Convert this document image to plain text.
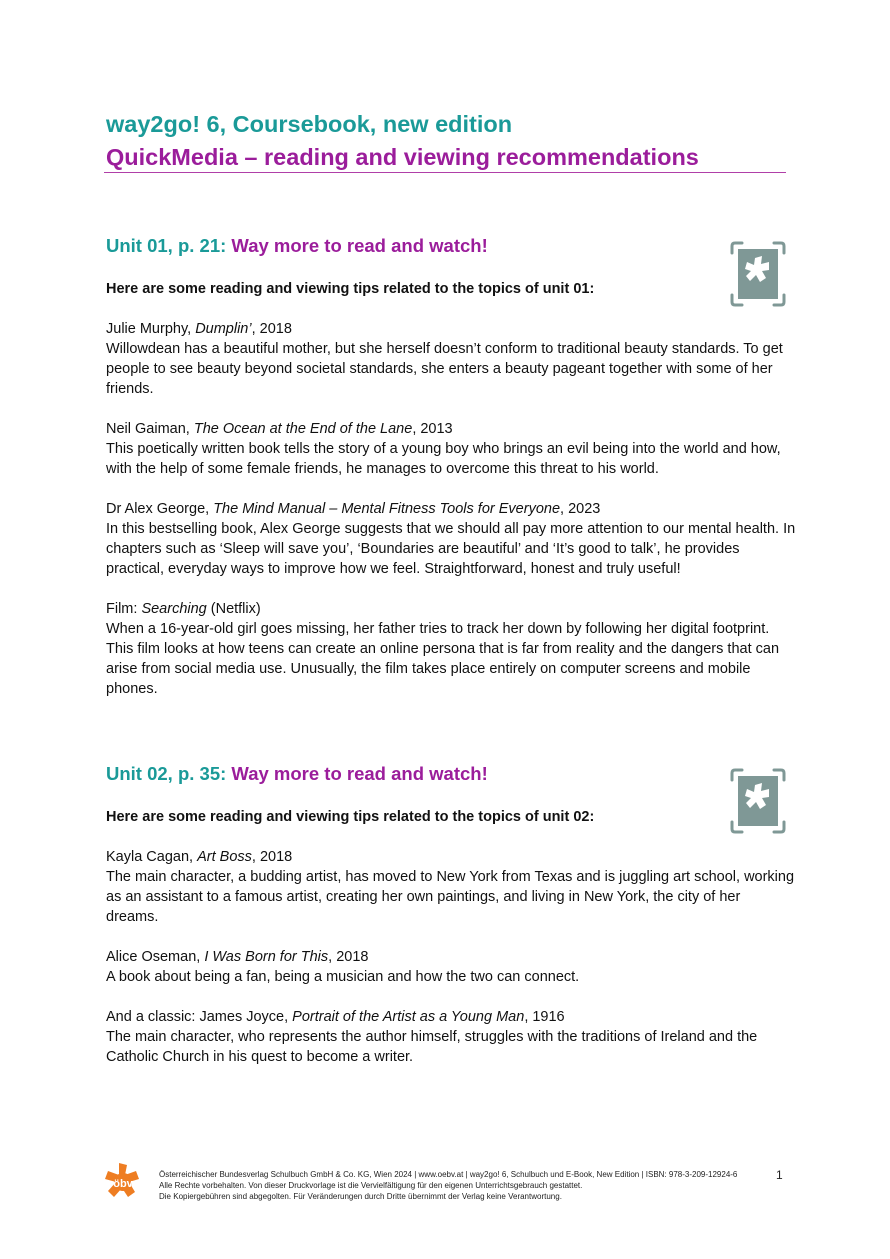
way2go! 6, Coursebook, new edition
QuickMedia – reading and viewing recommendations
Unit 01, p. 21: Way more to read and watch!

Here are some reading and viewing tips related to the topics of unit 01:

Julie Murphy, Dumplin’, 2018

Willowdean has a beautiful mother, but she herself doesn’t conform to traditional beauty standards. To get people to see beauty beyond societal standards, she enters a beauty pageant together with some of her friends.

Neil Gaiman, The Ocean at the End of the Lane, 2013

This poetically written book tells the story of a young boy who brings an evil being into the world and how, with the help of some female friends, he manages to overcome this threat to his world.

Dr Alex George, The Mind Manual – Mental Fitness Tools for Everyone, 2023

In this bestselling book, Alex George suggests that we should all pay more attention to our mental health. In chapters such as ‘Sleep will save you’, ‘Boundaries are beautiful’ and ‘It’s good to talk’, he provides practical, everyday ways to improve how we feel. Straightforward, honest and truly useful!

Film: Searching (Netflix)

When a 16-year-old girl goes missing, her father tries to track her down by following her digital footprint. This film looks at how teens can create an online persona that is far from reality and the dangers that can arise from social media use. Unusually, the film takes place entirely on computer screens and mobile phones.

Unit 02, p. 35: Way more to read and watch!

Here are some reading and viewing tips related to the topics of unit 02:

Kayla Cagan, Art Boss, 2018

The main character, a budding artist, has moved to New York from Texas and is juggling art school, working as an assistant to a famous artist, creating her own paintings, and living in New York, the city of her dreams.

Alice Oseman, I Was Born for This, 2018

A book about being a fan, being a musician and how the two can connect.

And a classic: James Joyce, Portrait of the Artist as a Young Man, 1916

The main character, who represents the author himself, struggles with the traditions of Ireland and the Catholic Church in his quest to become a writer.

öbv
Österreichischer Bundesverlag Schulbuch GmbH & Co. KG, Wien 2024 | www.oebv.at | way2go! 6, Schulbuch und E-Book, New Edition | ISBN: 978-3-209-12924-6
Alle Rechte vorbehalten. Von dieser Druckvorlage ist die Vervielfältigung für den eigenen Unterrichtsgebrauch gestattet.
Die Kopiergebühren sind abgegolten. Für Veränderungen durch Dritte übernimmt der Verlag keine Verantwortung.
1
